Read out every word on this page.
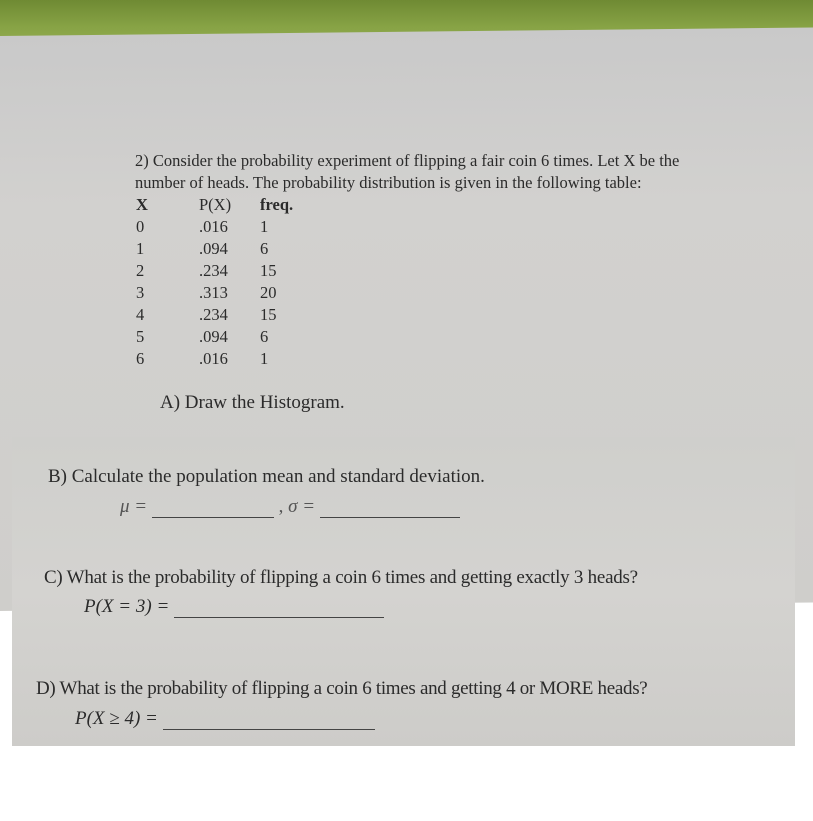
2) Consider the probability experiment of flipping a fair coin 6 times. Let X be the
number of heads. The probability distribution is given in the following table:
X
0
1
2
3
4
5
6
P(X)
.016
.094
.234
.313
.234
.094
.016
freq.
1
6
15
20
15
6
1
A) Draw the Histogram.
B) Calculate the population mean and standard deviation.
μ =	, σ =
C) What is the probability of flipping a coin 6 times and getting exactly 3 heads?
P(X = 3) =
D) What is the probability of flipping a coin 6 times and getting 4 or MORE heads?
P(X ≥ 4) =
